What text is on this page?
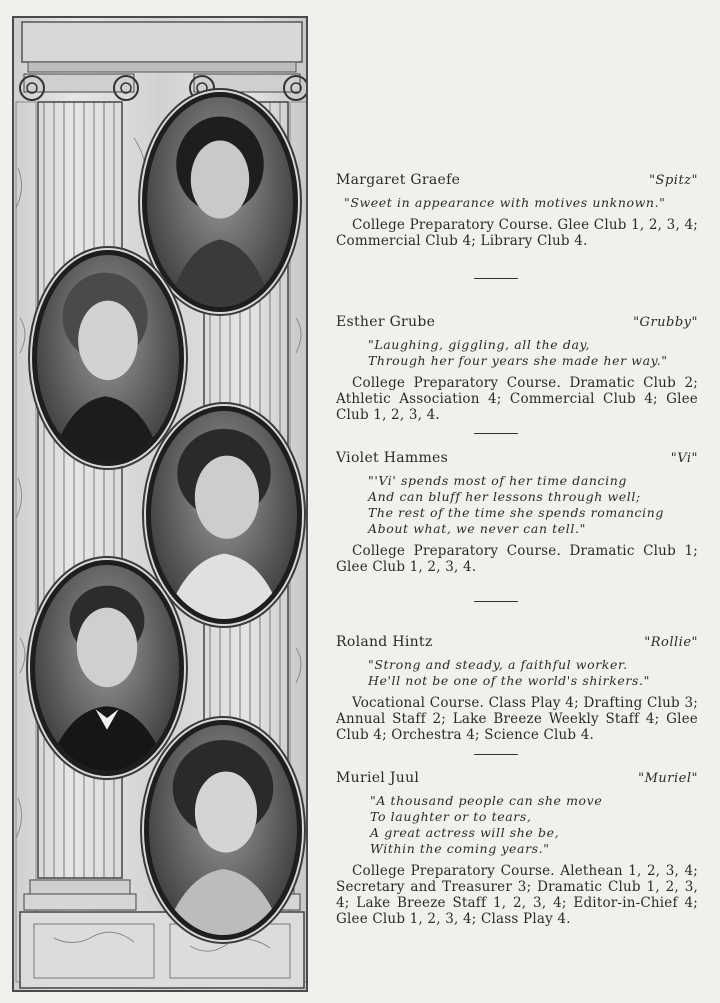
Margaret Graefe	"Spitz"
"Sweet in appearance with motives unknown."
College Preparatory Course. Glee Club 1, 2, 3, 4; Commercial Club 4; Library Club 4.
Esther Grube	"Grubby"
"Laughing, giggling, all the day,
Through her four years she made her way."
College Preparatory Course. Dramatic Club 2; Athletic Association 4; Commercial Club 4; Glee Club 1, 2, 3, 4.
Violet Hammes	"Vi"
"'Vi' spends most of her time dancing
And can bluff her lessons through well;
The rest of the time she spends romancing
About what, we never can tell."
College Preparatory Course. Dramatic Club 1; Glee Club 1, 2, 3, 4.
Roland Hintz	"Rollie"
"Strong and steady, a faithful worker.
He'll not be one of the world's shirkers."
Vocational Course. Class Play 4; Drafting Club 3; Annual Staff 2; Lake Breeze Weekly Staff 4; Glee Club 4; Orchestra 4; Science Club 4.
Muriel Juul	"Muriel"
"A thousand people can she move
To laughter or to tears,
A great actress will she be,
Within the coming years."
College Preparatory Course. Alethean 1, 2, 3, 4; Secretary and Treasurer 3; Dramatic Club 1, 2, 3, 4; Lake Breeze Staff 1, 2, 3, 4; Editor-in-Chief 4; Glee Club 1, 2, 3, 4; Class Play 4.
